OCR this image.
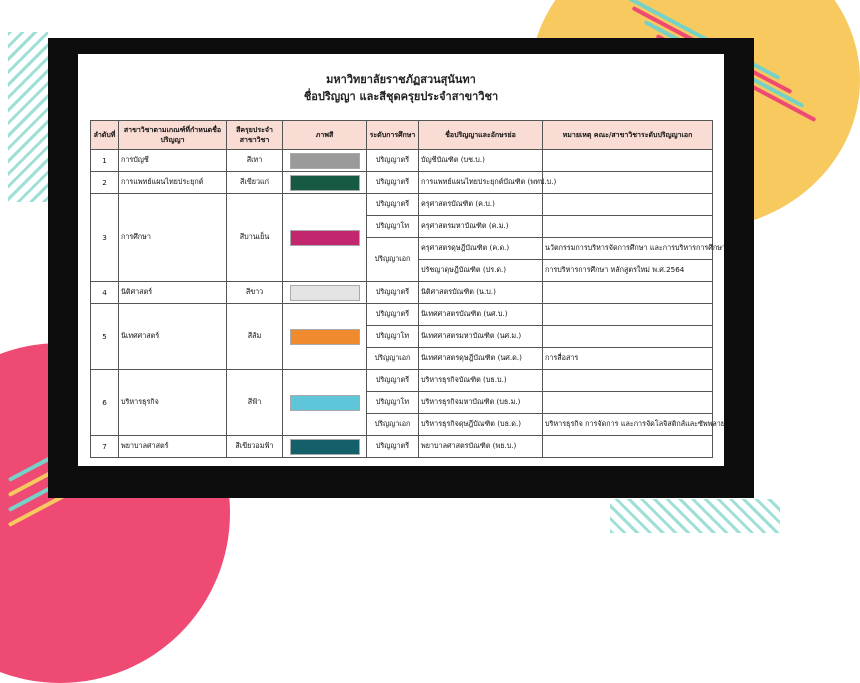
มหาวิทยาลัยราชภัฏสวนสุนันทา
ชื่อปริญญา และสีชุดครุยประจำสาขาวิชา
ลำดับที่	สาขาวิชาตามเกณฑ์ที่กำหนดชื่อปริญญา	สีครุยประจำสาขาวิชา	ภาพสี	ระดับการศึกษา	ชื่อปริญญาและอักษรย่อ	หมายเหตุ คณะ/สาขาวิชาระดับปริญญาเอก
1	การบัญชี	สีเทา		ปริญญาตรี	บัญชีบัณฑิต (บช.บ.)	
2	การแพทย์แผนไทยประยุกต์	สีเขียวแก่		ปริญญาตรี	การแพทย์แผนไทยประยุกต์บัณฑิต (พทป.บ.)	
3	การศึกษา	สีบานเย็น		ปริญญาตรี	ครุศาสตรบัณฑิต (ค.บ.)	
				ปริญญาโท	ครุศาสตรมหาบัณฑิต (ค.ม.)	
				ปริญญาเอก	ครุศาสตรดุษฎีบัณฑิต (ค.ด.)	นวัตกรรมการบริหารจัดการศึกษา และการบริหารการศึกษา
					ปรัชญาดุษฎีบัณฑิต (ปร.ด.)	การบริหารการศึกษา หลักสูตรใหม่ พ.ศ.2564
4	นิติศาสตร์	สีขาว		ปริญญาตรี	นิติศาสตรบัณฑิต (น.บ.)	
5	นิเทศศาสตร์	สีส้ม		ปริญญาตรี	นิเทศศาสตรบัณฑิต (นศ.บ.)	
				ปริญญาโท	นิเทศศาสตรมหาบัณฑิต (นศ.ม.)	
				ปริญญาเอก	นิเทศศาสตรดุษฎีบัณฑิต (นศ.ด.)	การสื่อสาร
6	บริหารธุรกิจ	สีฟ้า		ปริญญาตรี	บริหารธุรกิจบัณฑิต (บธ.บ.)	
				ปริญญาโท	บริหารธุรกิจมหาบัณฑิต (บธ.ม.)	
				ปริญญาเอก	บริหารธุรกิจดุษฎีบัณฑิต (บธ.ด.)	บริหารธุรกิจ การจัดการ และการจัดโลจิสติกส์และซัพพลาย
7	พยาบาลศาสตร์	สีเขียวอมฟ้า		ปริญญาตรี	พยาบาลศาสตรบัณฑิต (พย.บ.)	
